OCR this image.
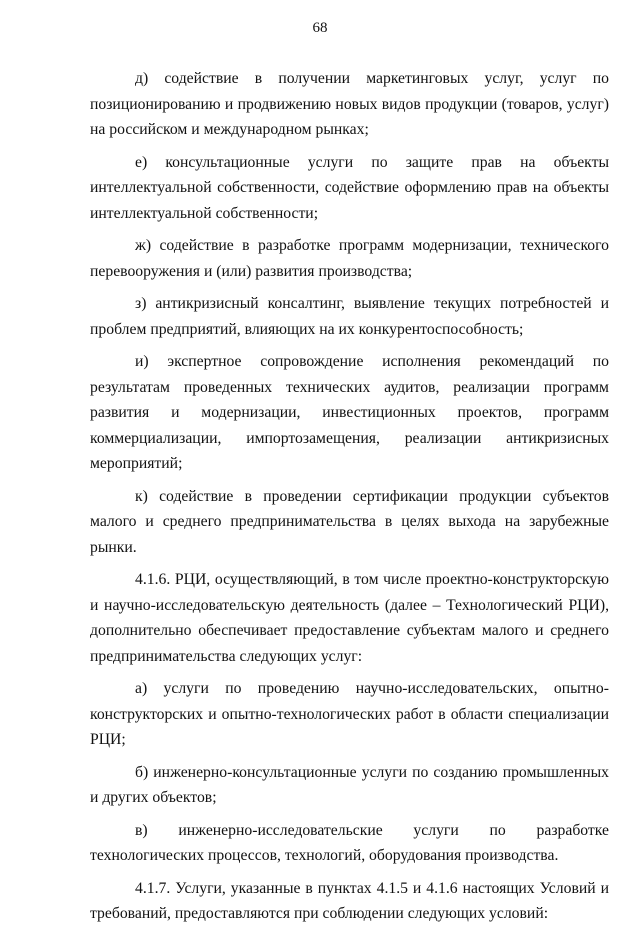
68

д) содействие в получении маркетинговых услуг, услуг по позиционированию и продвижению новых видов продукции (товаров, услуг) на российском и международном рынках;

е) консультационные услуги по защите прав на объекты интеллектуальной собственности, содействие оформлению прав на объекты интеллектуальной собственности;

ж) содействие в разработке программ модернизации, технического перевооружения и (или) развития производства;

з) антикризисный консалтинг, выявление текущих потребностей и проблем предприятий, влияющих на их конкурентоспособность;

и) экспертное сопровождение исполнения рекомендаций по результатам проведенных технических аудитов, реализации программ развития и модернизации, инвестиционных проектов, программ коммерциализации, импортозамещения, реализации антикризисных мероприятий;

к) содействие в проведении сертификации продукции субъектов малого и среднего предпринимательства в целях выхода на зарубежные рынки.

4.1.6. РЦИ, осуществляющий, в том числе проектно-конструкторскую и научно-исследовательскую деятельность (далее – Технологический РЦИ), дополнительно обеспечивает предоставление субъектам малого и среднего предпринимательства следующих услуг:

а) услуги по проведению научно-исследовательских, опытно-конструкторских и опытно-технологических работ в области специализации РЦИ;

б) инженерно-консультационные услуги по созданию промышленных и других объектов;

в) инженерно-исследовательские услуги по разработке технологических процессов, технологий, оборудования производства.

4.1.7. Услуги, указанные в пунктах 4.1.5 и 4.1.6 настоящих Условий и требований, предоставляются при соблюдении следующих условий:
